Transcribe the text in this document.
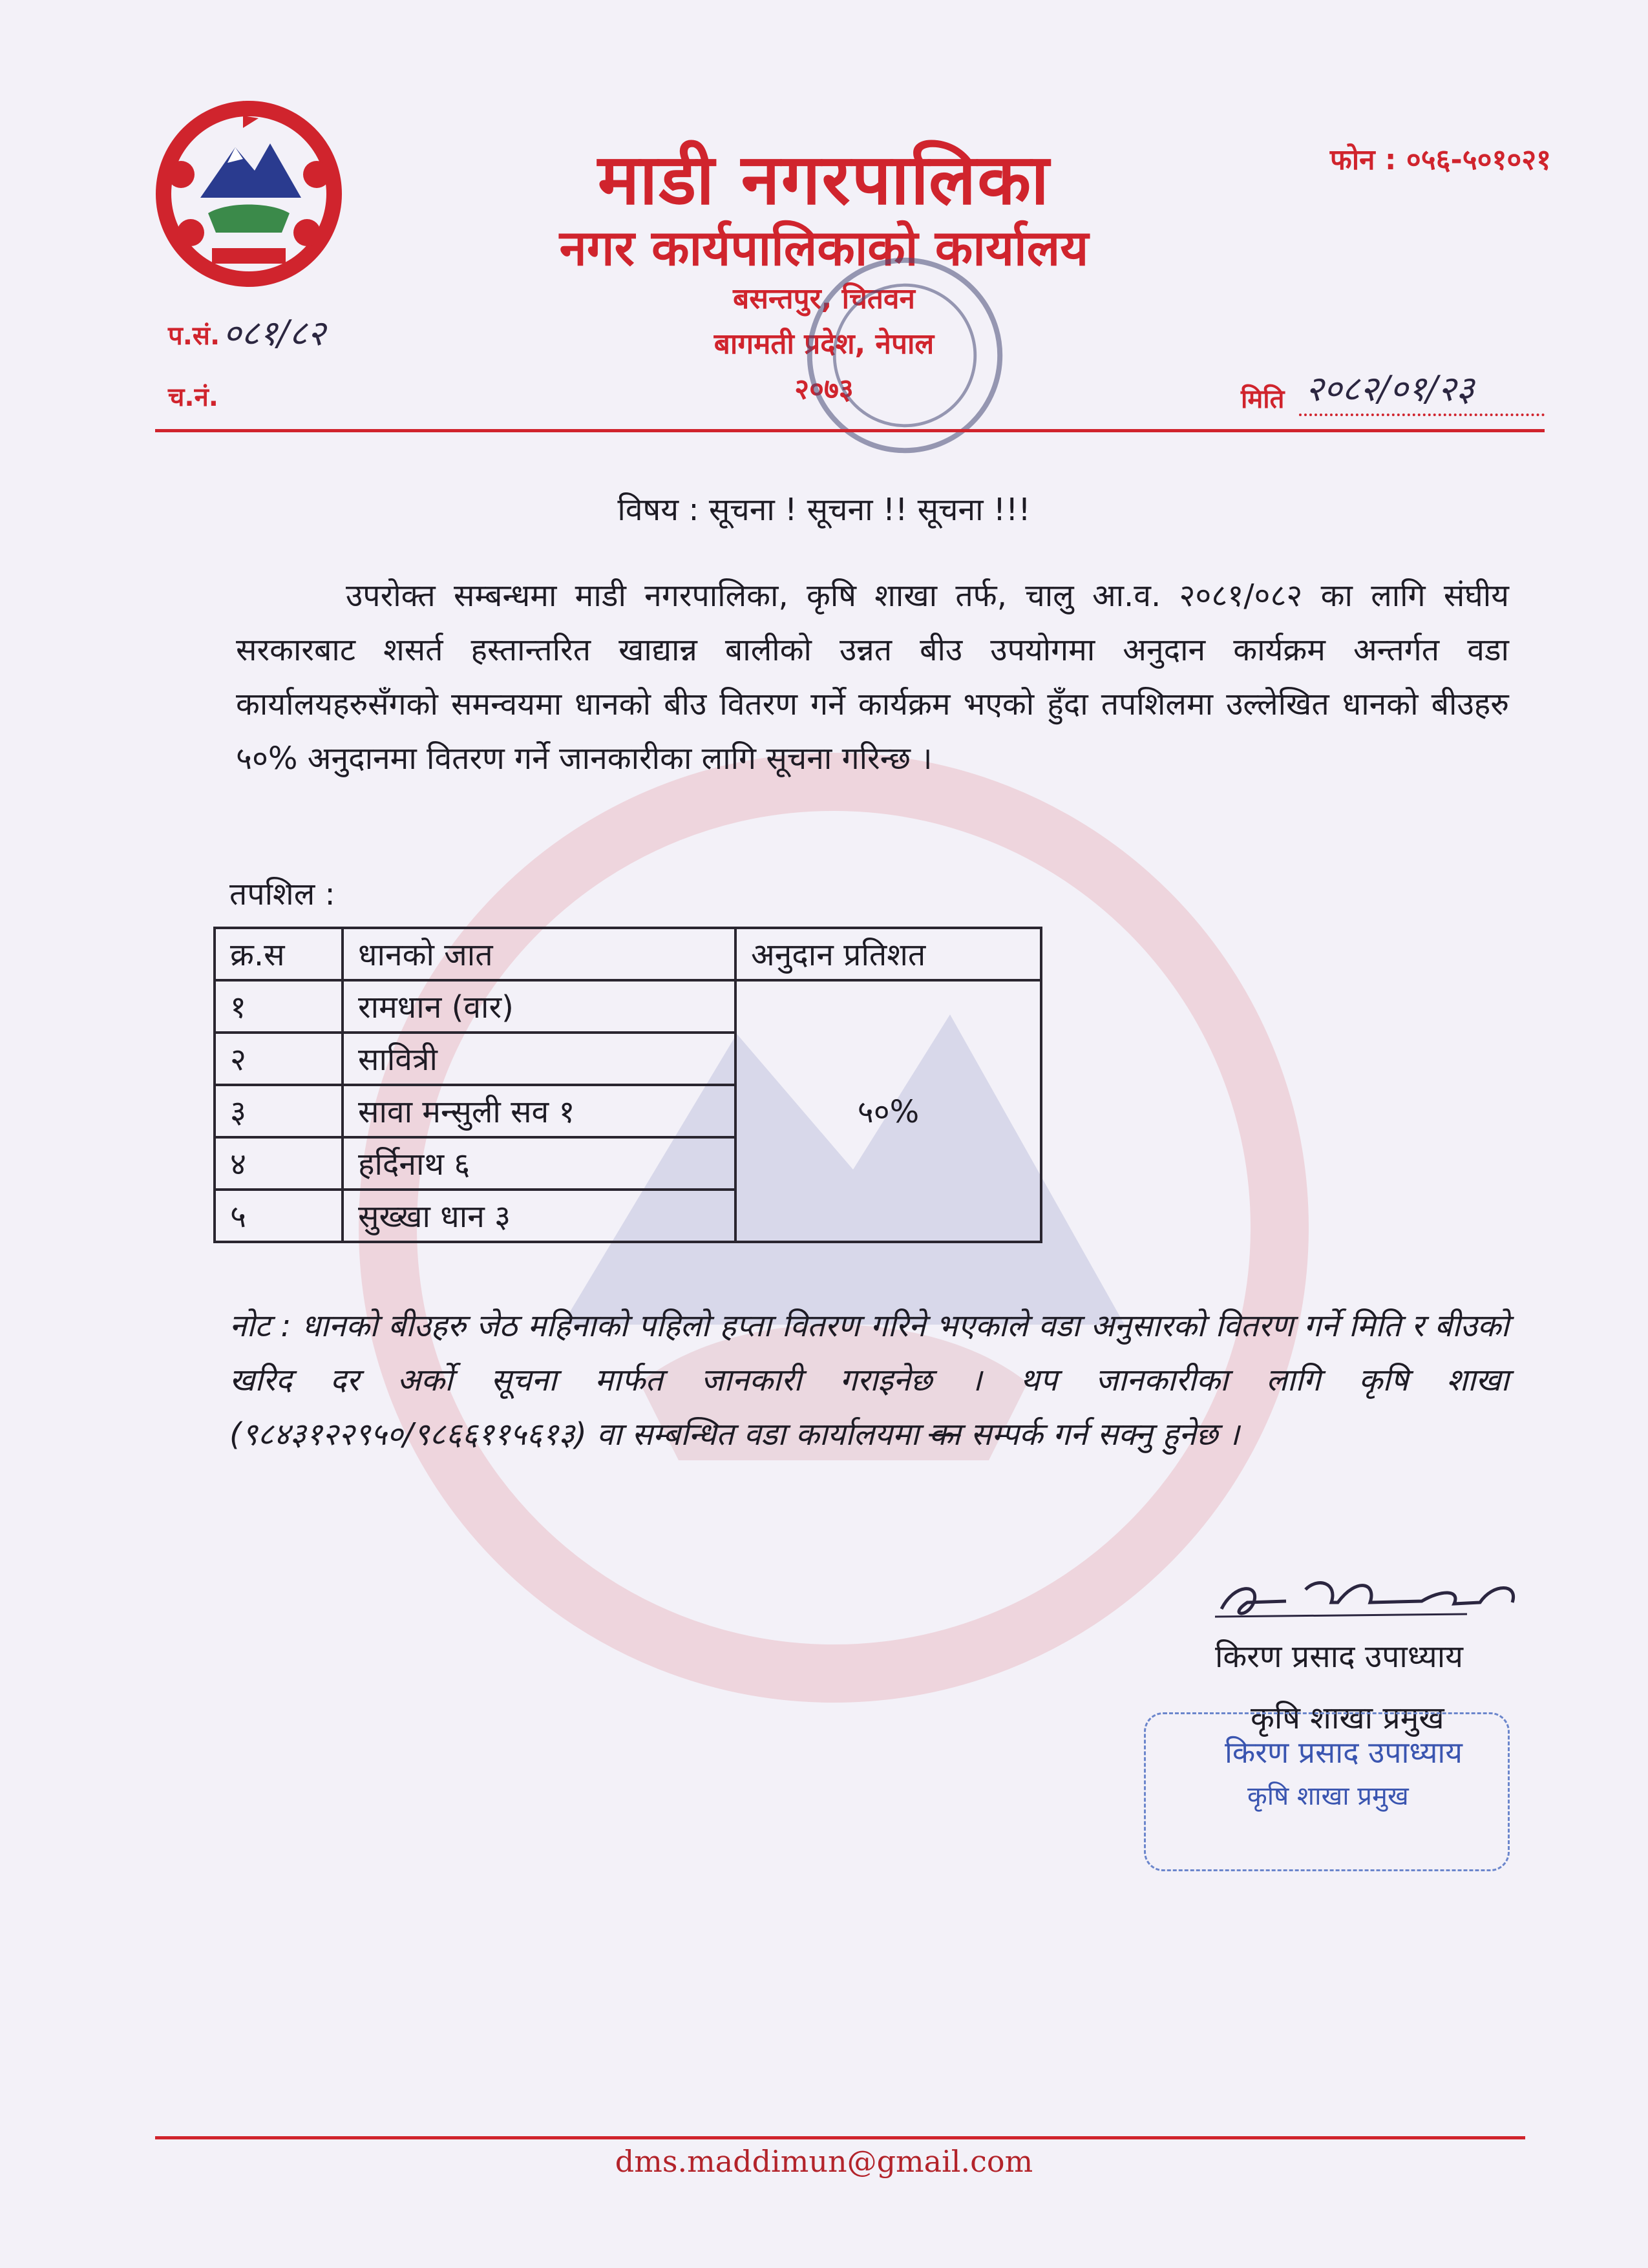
माडी नगरपालिका
नगर कार्यपालिकाको कार्यालय
बसन्तपुर, चितवन
बागमती प्रदेश, नेपाल
२०७३
फोन : ०५६-५०१०२१
प.सं. ०८१/८२
च.नं.	मिति २०८२/०१/२३
विषय : सूचना ! सूचना !! सूचना !!!
उपरोक्त सम्बन्धमा माडी नगरपालिका, कृषि शाखा तर्फ, चालु आ.व. २०८१/०८२ का लागि संघीय सरकारबाट शसर्त हस्तान्तरित खाद्यान्न बालीको उन्नत बीउ उपयोगमा अनुदान कार्यक्रम अन्तर्गत वडा कार्यालयहरुसँगको समन्वयमा धानको बीउ वितरण गर्ने कार्यक्रम भएको हुँदा तपशिलमा उल्लेखित धानको बीउहरु ५०% अनुदानमा वितरण गर्ने जानकारीका लागि सूचना गरिन्छ ।
तपशिल :
क्र.स	धानको जात	अनुदान प्रतिशत
१	रामधान (वार)	५०%
२	सावित्री	
३	सावा मन्सुली सव १	
४	हर्दिनाथ ६	
५	सुख्खा धान ३	
नोट : धानको बीउहरु जेठ महिनाको पहिलो हप्ता वितरण गरिने भएकाले वडा अनुसारको वितरण गर्ने मिति र बीउको खरिद दर अर्को सूचना मार्फत जानकारी गराइनेछ । थप जानकारीका लागि कृषि शाखा (९८४३१२२९५०/९८६६११५६१३) वा सम्बन्धित वडा कार्यालयमा का सम्पर्क गर्न सक्नु हुनेछ ।
किरण प्रसाद उपाध्याय
कृषि शाखा प्रमुख
किरण प्रसाद उपाध्याय
कृषि शाखा प्रमुख
dms.maddimun@gmail.com
